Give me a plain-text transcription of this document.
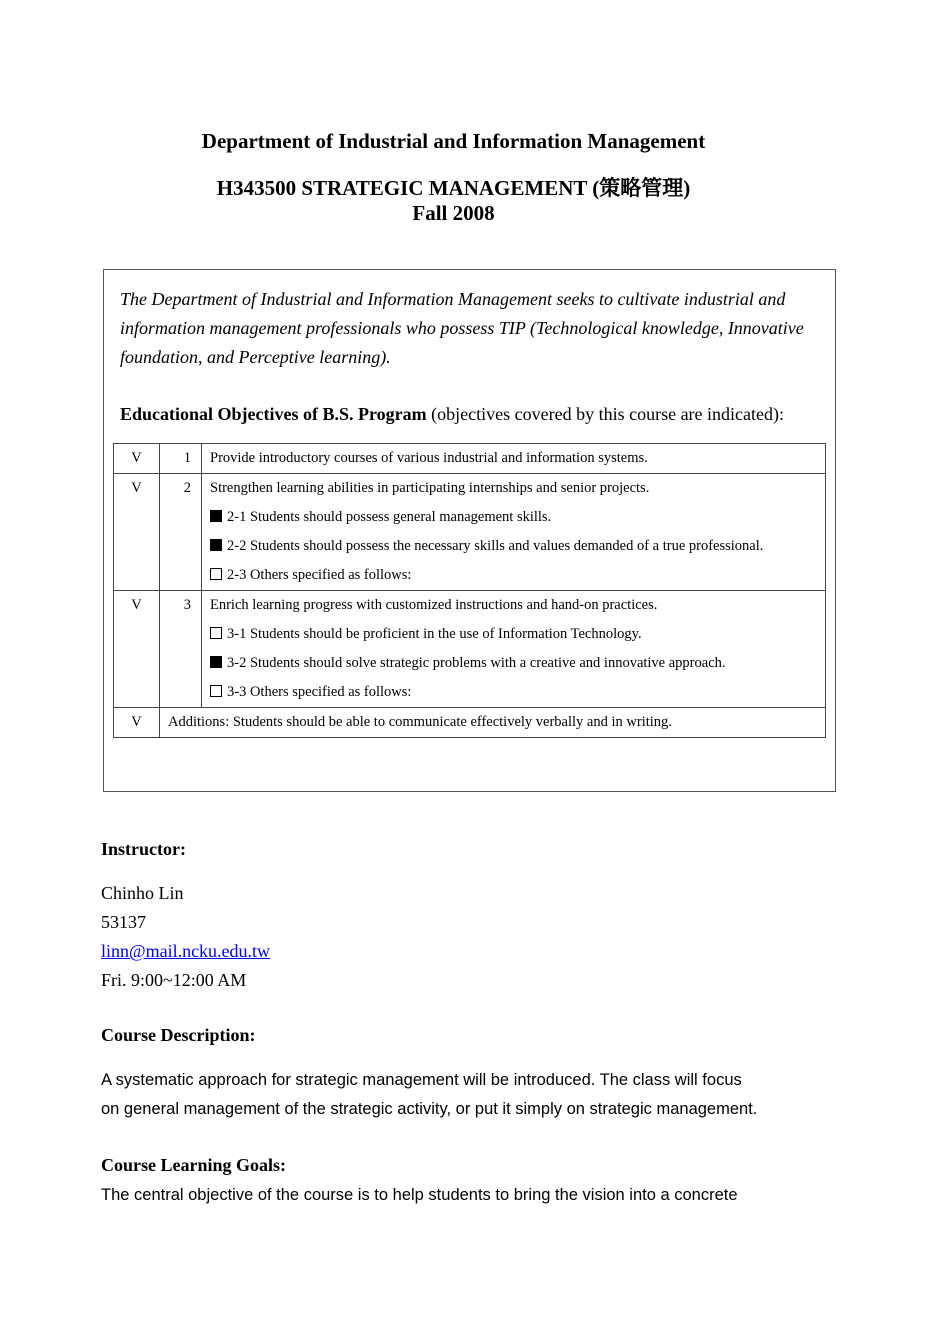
Department of Industrial and Information Management
H343500 STRATEGIC MANAGEMENT (策略管理)
Fall 2008
The Department of Industrial and Information Management seeks to cultivate industrial and information management professionals who possess TIP (Technological knowledge, Innovative foundation, and Perceptive learning).
Educational Objectives of B.S. Program (objectives covered by this course are indicated):
V	1	Provide introductory courses of various industrial and information systems.

V	2	Strengthen learning abilities in participating internships and senior projects.
2-1 Students should possess general management skills.
2-2 Students should possess the necessary skills and values demanded of a true professional.
2-3 Others specified as follows:

V	3	Enrich learning progress with customized instructions and hand-on practices.
3-1 Students should be proficient in the use of Information Technology.
3-2 Students should solve strategic problems with a creative and innovative approach.
3-3 Others specified as follows:

V	Additions: Students should be able to communicate effectively verbally and in writing.	
Instructor:
Chinho Lin
53137
linn@mail.ncku.edu.tw
Fri. 9:00~12:00 AM
Course Description:
A systematic approach for strategic management will be introduced. The class will focus
on general management of the strategic activity, or put it simply on strategic management.
Course Learning Goals:
The central objective of the course is to help students to bring the vision into a concrete
